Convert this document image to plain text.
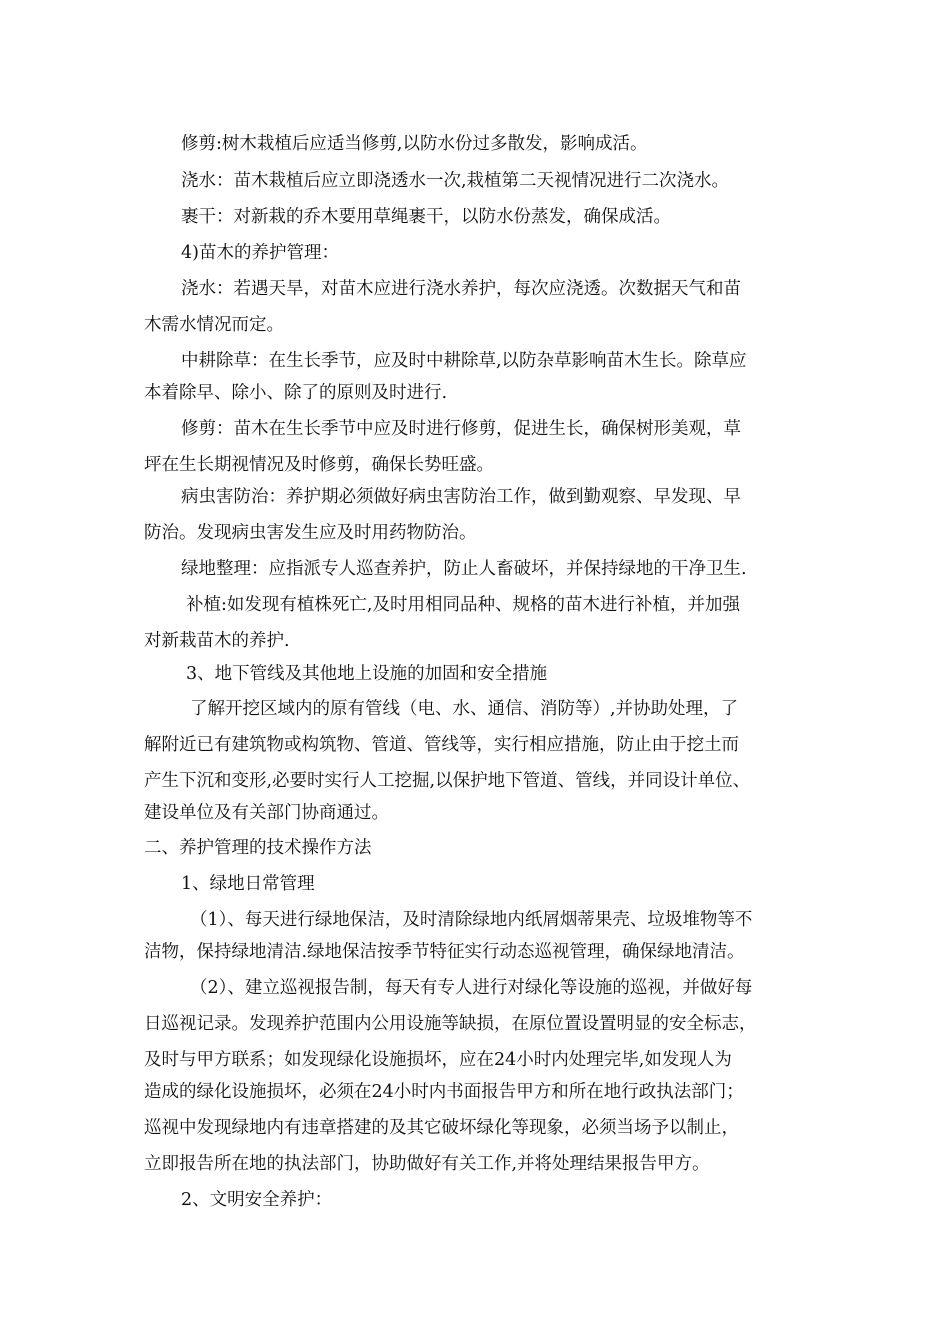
修剪:树木栽植后应适当修剪,以防水份过多散发，影响成活。

浇水：苗木栽植后应立即浇透水一次,栽植第二天视情况进行二次浇水。

裹干：对新栽的乔木要用草绳裹干，以防水份蒸发，确保成活。

4)苗木的养护管理：

浇水：若遇天旱，对苗木应进行浇水养护，每次应浇透。次数据天气和苗

木需水情况而定。

中耕除草：在生长季节，应及时中耕除草,以防杂草影响苗木生长。除草应

本着除早、除小、除了的原则及时进行.

修剪：苗木在生长季节中应及时进行修剪，促进生长，确保树形美观，草

坪在生长期视情况及时修剪，确保长势旺盛。

病虫害防治：养护期必须做好病虫害防治工作，做到勤观察、早发现、早

防治。发现病虫害发生应及时用药物防治。

绿地整理：应指派专人巡查养护，防止人畜破坏，并保持绿地的干净卫生.

补植:如发现有植株死亡,及时用相同品种、规格的苗木进行补植，并加强

对新栽苗木的养护.

3、地下管线及其他地上设施的加固和安全措施

了解开挖区域内的原有管线（电、水、通信、消防等）,并协助处理，了

解附近已有建筑物或构筑物、管道、管线等，实行相应措施，防止由于挖土而

产生下沉和变形,必要时实行人工挖掘,以保护地下管道、管线，并同设计单位、

建设单位及有关部门协商通过。

二、养护管理的技术操作方法

1、绿地日常管理

（1）、每天进行绿地保洁，及时清除绿地内纸屑烟蒂果壳、垃圾堆物等不

洁物，保持绿地清洁.绿地保洁按季节特征实行动态巡视管理，确保绿地清洁。

（2）、建立巡视报告制，每天有专人进行对绿化等设施的巡视，并做好每

日巡视记录。发现养护范围内公用设施等缺损，在原位置设置明显的安全标志，

及时与甲方联系；如发现绿化设施损坏，应在24小时内处理完毕,如发现人为

造成的绿化设施损坏，必须在24小时内书面报告甲方和所在地行政执法部门；

巡视中发现绿地内有违章搭建的及其它破坏绿化等现象，必须当场予以制止，

立即报告所在地的执法部门，协助做好有关工作,并将处理结果报告甲方。

2、文明安全养护：
